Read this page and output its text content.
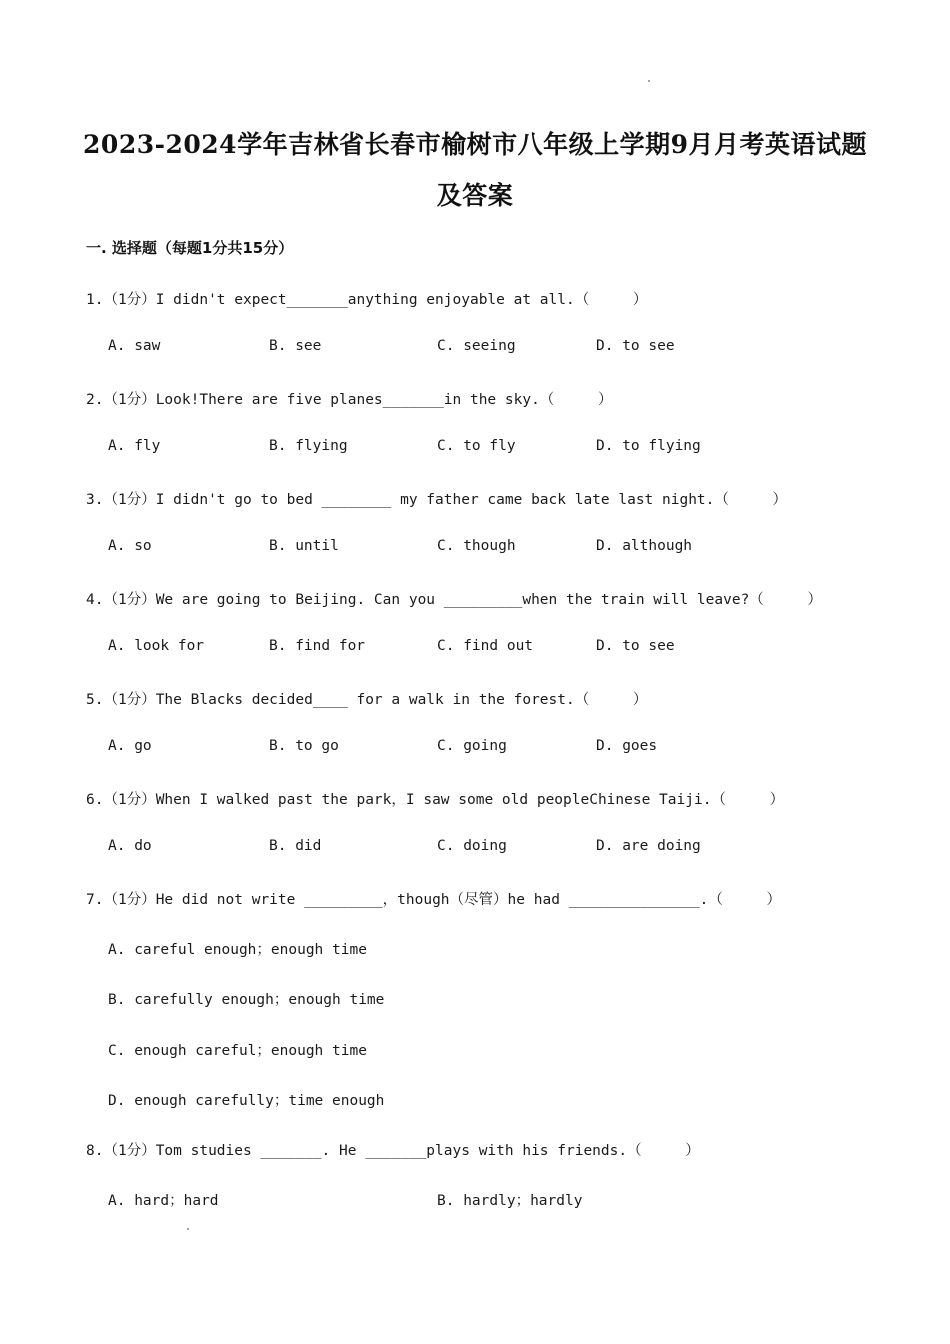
2023-2024学年吉林省长春市榆树市八年级上学期9月月考英语试题
及答案
一. 选择题（每题1分共15分）
1.（1分）I didn't expect_______anything enjoyable at all.（     ）
A. saw	B. see	C. seeing	D. to see
2.（1分）Look!There are five planes_______in the sky.（     ）
A. fly	B. flying	C. to fly	D. to flying
3.（1分）I didn't go to bed ________ my father came back late last night.（     ）
A. so	B. until	C. though	D. although
4.（1分）We are going to Beijing. Can you _________when the train will leave?（     ）
A. look for	B. find for	C. find out	D. to see
5.（1分）The Blacks decided____ for a walk in the forest.（     ）
A. go	B. to go	C. going	D. goes
6.（1分）When I walked past the park，I saw some old peopleChinese Taiji.（     ）
A. do	B. did	C. doing	D. are doing
7.（1分）He did not write _________，though（尽管）he had _______________.（     ）
A. careful enough；enough time
B. carefully enough；enough time
C. enough careful；enough time
D. enough carefully；time enough
8.（1分）Tom studies _______. He _______plays with his friends.（     ）
A. hard；hard	B. hardly；hardly
